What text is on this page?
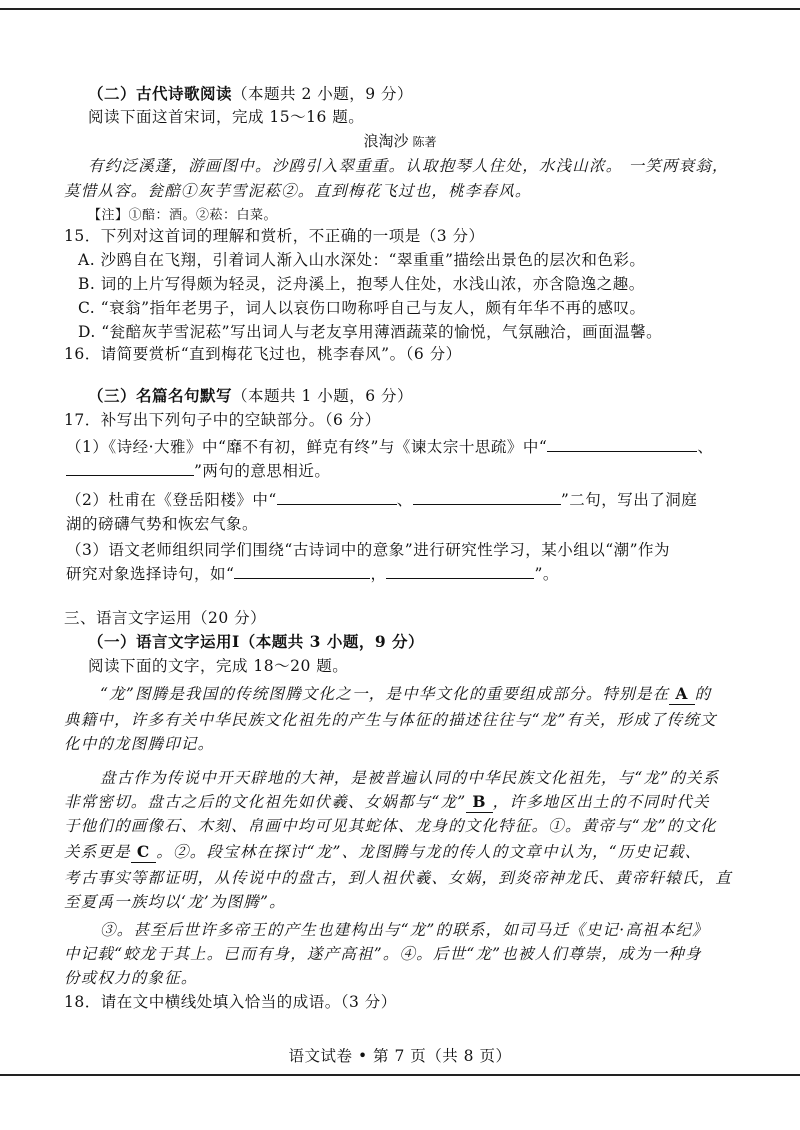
（二）古代诗歌阅读（本题共 2 小题，9 分）
阅读下面这首宋词，完成 15～16 题。
浪淘沙 陈著
有约泛溪蓬，游画图中。沙鸥引入翠重重。认取抱琴人住处，水浅山浓。 一笑两衰翁，
莫惜从容。瓮醅①灰芋雪泥菘②。直到梅花飞过也，桃李春风。
【注】①醅：酒。②菘：白菜。
15．下列对这首词的理解和赏析，不正确的一项是（3 分）
A. 沙鸥自在飞翔，引着词人渐入山水深处：“翠重重”描绘出景色的层次和色彩。
B. 词的上片写得颇为轻灵，泛舟溪上，抱琴人住处，水浅山浓，亦含隐逸之趣。
C. “衰翁”指年老男子，词人以哀伤口吻称呼自己与友人，颇有年华不再的感叹。
D. “瓮醅灰芋雪泥菘”写出词人与老友享用薄酒蔬菜的愉悦，气氛融洽，画面温馨。
16．请简要赏析“直到梅花飞过也，桃李春风”。（6 分）
（三）名篇名句默写（本题共 1 小题，6 分）
17．补写出下列句子中的空缺部分。（6 分）
（1）《诗经·大雅》中“靡不有初，鲜克有终”与《谏太宗十思疏》中“	、
”两句的意思相近。
（2）杜甫在《登岳阳楼》中“	、	”二句，写出了洞庭
湖的磅礴气势和恢宏气象。
（3）语文老师组织同学们围绕“古诗词中的意象”进行研究性学习，某小组以“潮”作为
研究对象选择诗句，如“	，	”。
三、语言文字运用（20 分）
（一）语言文字运用Ⅰ（本题共 3 小题，9 分）
阅读下面的文字，完成 18～20 题。
“龙”图腾是我国的传统图腾文化之一，是中华文化的重要组成部分。特别是在 A 的
典籍中，许多有关中华民族文化祖先的产生与体征的描述往往与“龙”有关，形成了传统文
化中的龙图腾印记。
盘古作为传说中开天辟地的大神，是被普遍认同的中华民族文化祖先，与“龙”的关系
非常密切。盘古之后的文化祖先如伏羲、女娲都与“龙” B ，许多地区出土的不同时代关
于他们的画像石、木刻、帛画中均可见其蛇体、龙身的文化特征。①。黄帝与“龙”的文化
关系更是 C 。②。段宝林在探讨“龙”、龙图腾与龙的传人的文章中认为，“历史记载、
考古事实等都证明，从传说中的盘古，到人祖伏羲、女娲，到炎帝神龙氏、黄帝轩辕氏，直
至夏禹一族均以‘龙’为图腾”。
③。甚至后世许多帝王的产生也建构出与“龙”的联系，如司马迁《史记·高祖本纪》
中记载“蛟龙于其上。已而有身，遂产高祖”。④。后世“龙”也被人们尊崇，成为一种身
份或权力的象征。
18．请在文中横线处填入恰当的成语。（3 分）
语文试卷 • 第 7 页（共 8 页）
